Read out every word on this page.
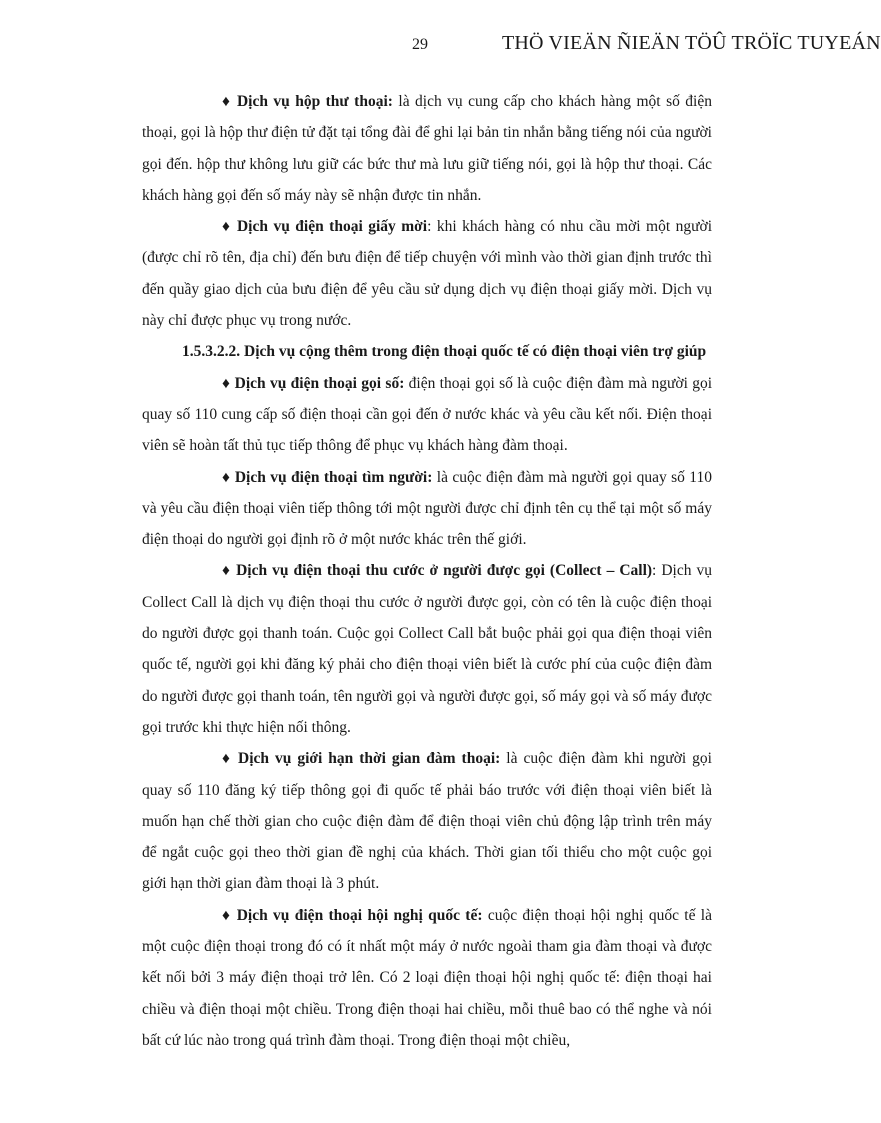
29	THÖ VIEÄN ÑIEÄN TÖÛ TRÖÏC TUYEÁN

♦ Dịch vụ hộp thư thoại: là dịch vụ cung cấp cho khách hàng một số điện thoại, gọi là hộp thư điện tử đặt tại tổng đài để ghi lại bản tin nhắn bằng tiếng nói của người gọi đến. hộp thư không lưu giữ các bức thư mà lưu giữ tiếng nói, gọi là hộp thư thoại. Các khách hàng gọi đến số máy này sẽ nhận được tin nhắn.

♦ Dịch vụ điện thoại giấy mời: khi khách hàng có nhu cầu mời một người (được chỉ rõ tên, địa chỉ) đến bưu điện để tiếp chuyện với mình vào thời gian định trước thì đến quầy giao dịch của bưu điện để yêu cầu sử dụng dịch vụ điện thoại giấy mời. Dịch vụ này chỉ được phục vụ trong nước.

1.5.3.2.2. Dịch vụ cộng thêm trong điện thoại quốc tế có điện thoại viên trợ giúp

♦ Dịch vụ điện thoại gọi số: điện thoại gọi số là cuộc điện đàm mà người gọi quay số 110 cung cấp số điện thoại cần gọi đến ở nước khác và yêu cầu kết nối. Điện thoại viên sẽ hoàn tất thủ tục tiếp thông để phục vụ khách hàng đàm thoại.

♦ Dịch vụ điện thoại tìm người: là cuộc điện đàm mà người gọi quay số 110 và yêu cầu điện thoại viên tiếp thông tới một người được chỉ định tên cụ thể tại một số máy điện thoại do người gọi định rõ ở một nước khác trên thế giới.

♦ Dịch vụ điện thoại thu cước ở người được gọi (Collect – Call): Dịch vụ Collect Call là dịch vụ điện thoại thu cước ở người được gọi, còn có tên là cuộc điện thoại do người được gọi thanh toán. Cuộc gọi Collect Call bắt buộc phải gọi qua điện thoại viên quốc tế, người gọi khi đăng ký phải cho điện thoại viên biết là cước phí của cuộc điện đàm do người được gọi thanh toán, tên người gọi và người được gọi, số máy gọi và số máy được gọi trước khi thực hiện nối thông.

♦ Dịch vụ giới hạn thời gian đàm thoại: là cuộc điện đàm khi người gọi quay số 110 đăng ký tiếp thông gọi đi quốc tế phải báo trước với điện thoại viên biết là muốn hạn chế thời gian cho cuộc điện đàm để điện thoại viên chủ động lập trình trên máy để ngắt cuộc gọi theo thời gian đề nghị của khách. Thời gian tối thiểu cho một cuộc gọi giới hạn thời gian đàm thoại là 3 phút.

♦ Dịch vụ điện thoại hội nghị quốc tế: cuộc điện thoại hội nghị quốc tế là một cuộc điện thoại trong đó có ít nhất một máy ở nước ngoài tham gia đàm thoại và được kết nối bởi 3 máy điện thoại trở lên. Có 2 loại điện thoại hội nghị quốc tế: điện thoại hai chiều và điện thoại một chiều. Trong điện thoại hai chiều, mỗi thuê bao có thể nghe và nói bất cứ lúc nào trong quá trình đàm thoại. Trong điện thoại một chiều,
